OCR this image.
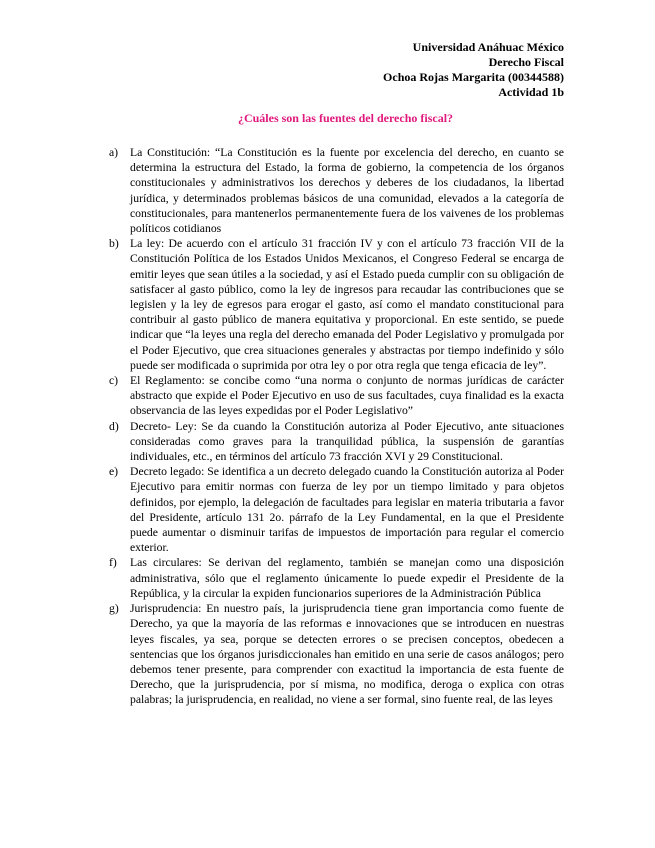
Universidad Anáhuac México
Derecho Fiscal
Ochoa Rojas Margarita (00344588)
Actividad 1b
¿Cuáles son las fuentes del derecho fiscal?
a) La Constitución: “La Constitución es la fuente por excelencia del derecho, en cuanto se determina la estructura del Estado, la forma de gobierno, la competencia de los órganos constitucionales y administrativos los derechos y deberes de los ciudadanos, la libertad jurídica, y determinados problemas básicos de una comunidad, elevados a la categoría de constitucionales, para mantenerlos permanentemente fuera de los vaivenes de los problemas políticos cotidianos
b) La ley: De acuerdo con el artículo 31 fracción IV y con el artículo 73 fracción VII de la Constitución Política de los Estados Unidos Mexicanos, el Congreso Federal se encarga de emitir leyes que sean útiles a la sociedad, y así el Estado pueda cumplir con su obligación de satisfacer al gasto público, como la ley de ingresos para recaudar las contribuciones que se legislen y la ley de egresos para erogar el gasto, así como el mandato constitucional para contribuir al gasto público de manera equitativa y proporcional. En este sentido, se puede indicar que “la leyes una regla del derecho emanada del Poder Legislativo y promulgada por el Poder Ejecutivo, que crea situaciones generales y abstractas por tiempo indefinido y sólo puede ser modificada o suprimida por otra ley o por otra regla que tenga eficacia de ley”.
c) El Reglamento: se concibe como “una norma o conjunto de normas jurídicas de carácter abstracto que expide el Poder Ejecutivo en uso de sus facultades, cuya finalidad es la exacta observancia de las leyes expedidas por el Poder Legislativo”
d) Decreto- Ley: Se da cuando la Constitución autoriza al Poder Ejecutivo, ante situaciones consideradas como graves para la tranquilidad pública, la suspensión de garantías individuales, etc., en términos del artículo 73 fracción XVI y 29 Constitucional.
e) Decreto legado: Se identifica a un decreto delegado cuando la Constitución autoriza al Poder Ejecutivo para emitir normas con fuerza de ley por un tiempo limitado y para objetos definidos, por ejemplo, la delegación de facultades para legislar en materia tributaria a favor del Presidente, artículo 131 2o. párrafo de la Ley Fundamental, en la que el Presidente puede aumentar o disminuir tarifas de impuestos de importación para regular el comercio exterior.
f) Las circulares: Se derivan del reglamento, también se manejan como una disposición administrativa, sólo que el reglamento únicamente lo puede expedir el Presidente de la República, y la circular la expiden funcionarios superiores de la Administración Pública
g) Jurisprudencia: En nuestro país, la jurisprudencia tiene gran importancia como fuente de Derecho, ya que la mayoría de las reformas e innovaciones que se introducen en nuestras leyes fiscales, ya sea, porque se detecten errores o se precisen conceptos, obedecen a sentencias que los órganos jurisdiccionales han emitido en una serie de casos análogos; pero debemos tener presente, para comprender con exactitud la importancia de esta fuente de Derecho, que la jurisprudencia, por sí misma, no modifica, deroga o explica con otras palabras; la jurisprudencia, en realidad, no viene a ser formal, sino fuente real, de las leyes
